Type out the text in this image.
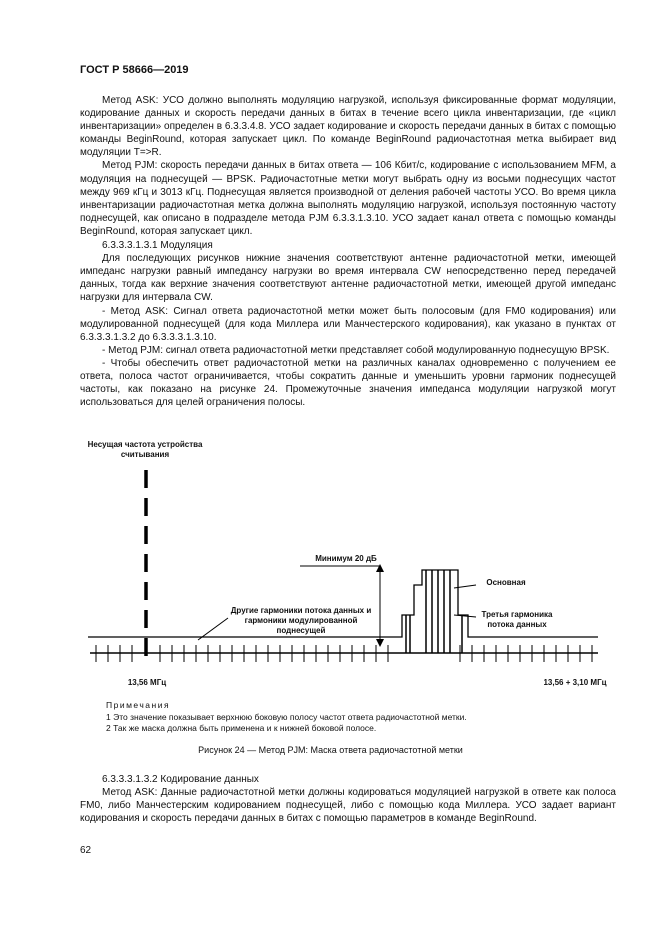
ГОСТ Р 58666—2019

Метод ASK: УСО должно выполнять модуляцию нагрузкой, используя фиксированные формат модуляции, кодирование данных и скорость передачи данных в битах в течение всего цикла инвентаризации, где «цикл инвентаризации» определен в 6.3.3.4.8. УСО задает кодирование и скорость передачи данных в битах с помощью команды BeginRound, которая запускает цикл. По команде BeginRound радиочастотная метка выбирает вид модуляции T=>R.

Метод PJM: скорость передачи данных в битах ответа — 106 Кбит/с, кодирование с использованием MFM, а модуляция на поднесущей — BPSK. Радиочастотные метки могут выбрать одну из восьми поднесущих частот между 969 кГц и 3013 кГц. Поднесущая является производной от деления рабочей частоты УСО. Во время цикла инвентаризации радиочастотная метка должна выполнять модуляцию нагрузкой, используя постоянную частоту поднесущей, как описано в подразделе метода PJM 6.3.3.1.3.10. УСО задает канал ответа с помощью команды BeginRound, которая запускает цикл.

6.3.3.3.1.3.1 Модуляция

Для последующих рисунков нижние значения соответствуют антенне радиочастотной метки, имеющей импеданс нагрузки равный импедансу нагрузки во время интервала CW непосредственно перед передачей данных, тогда как верхние значения соответствуют антенне радиочастотной метки, имеющей другой импеданс нагрузки для интервала CW.

- Метод ASK: Сигнал ответа радиочастотной метки может быть полосовым (для FM0 кодирования) или модулированной поднесущей (для кода Миллера или Манчестерского кодирования), как указано в пунктах от 6.3.3.3.1.3.2 до 6.3.3.3.1.3.10.

- Метод PJM: сигнал ответа радиочастотной метки представляет собой модулированную поднесущую BPSK.

- Чтобы обеспечить ответ радиочастотной метки на различных каналах одновременно с получением ее ответа, полоса частот ограничивается, чтобы сократить данные и уменьшить уровни гармоник поднесущей частоты, как показано на рисунке 24. Промежуточные значения импеданса модуляции нагрузкой могут использоваться для целей ограничения полосы.

Несущая частота устройства считывания
Минимум 20 дБ
Основная
Третья гармоника потока данных
Другие гармоники потока данных и гармоники модулированной поднесущей
13,56 МГц	13,56 + 3,10 МГц
Примечания
1 Это значение показывает верхнюю боковую полосу частот ответа радиочастотной метки.
2 Так же маска должна быть применена и к нижней боковой полосе.
Рисунок 24 — Метод PJM: Маска ответа радиочастотной метки

6.3.3.3.1.3.2 Кодирование данных

Метод ASK: Данные радиочастотной метки должны кодироваться модуляцией нагрузкой в ответе как полоса FM0, либо Манчестерским кодированием поднесущей, либо с помощью кода Миллера. УСО задает вариант кодирования и скорость передачи данных в битах с помощью параметров в команде BeginRound.

62
